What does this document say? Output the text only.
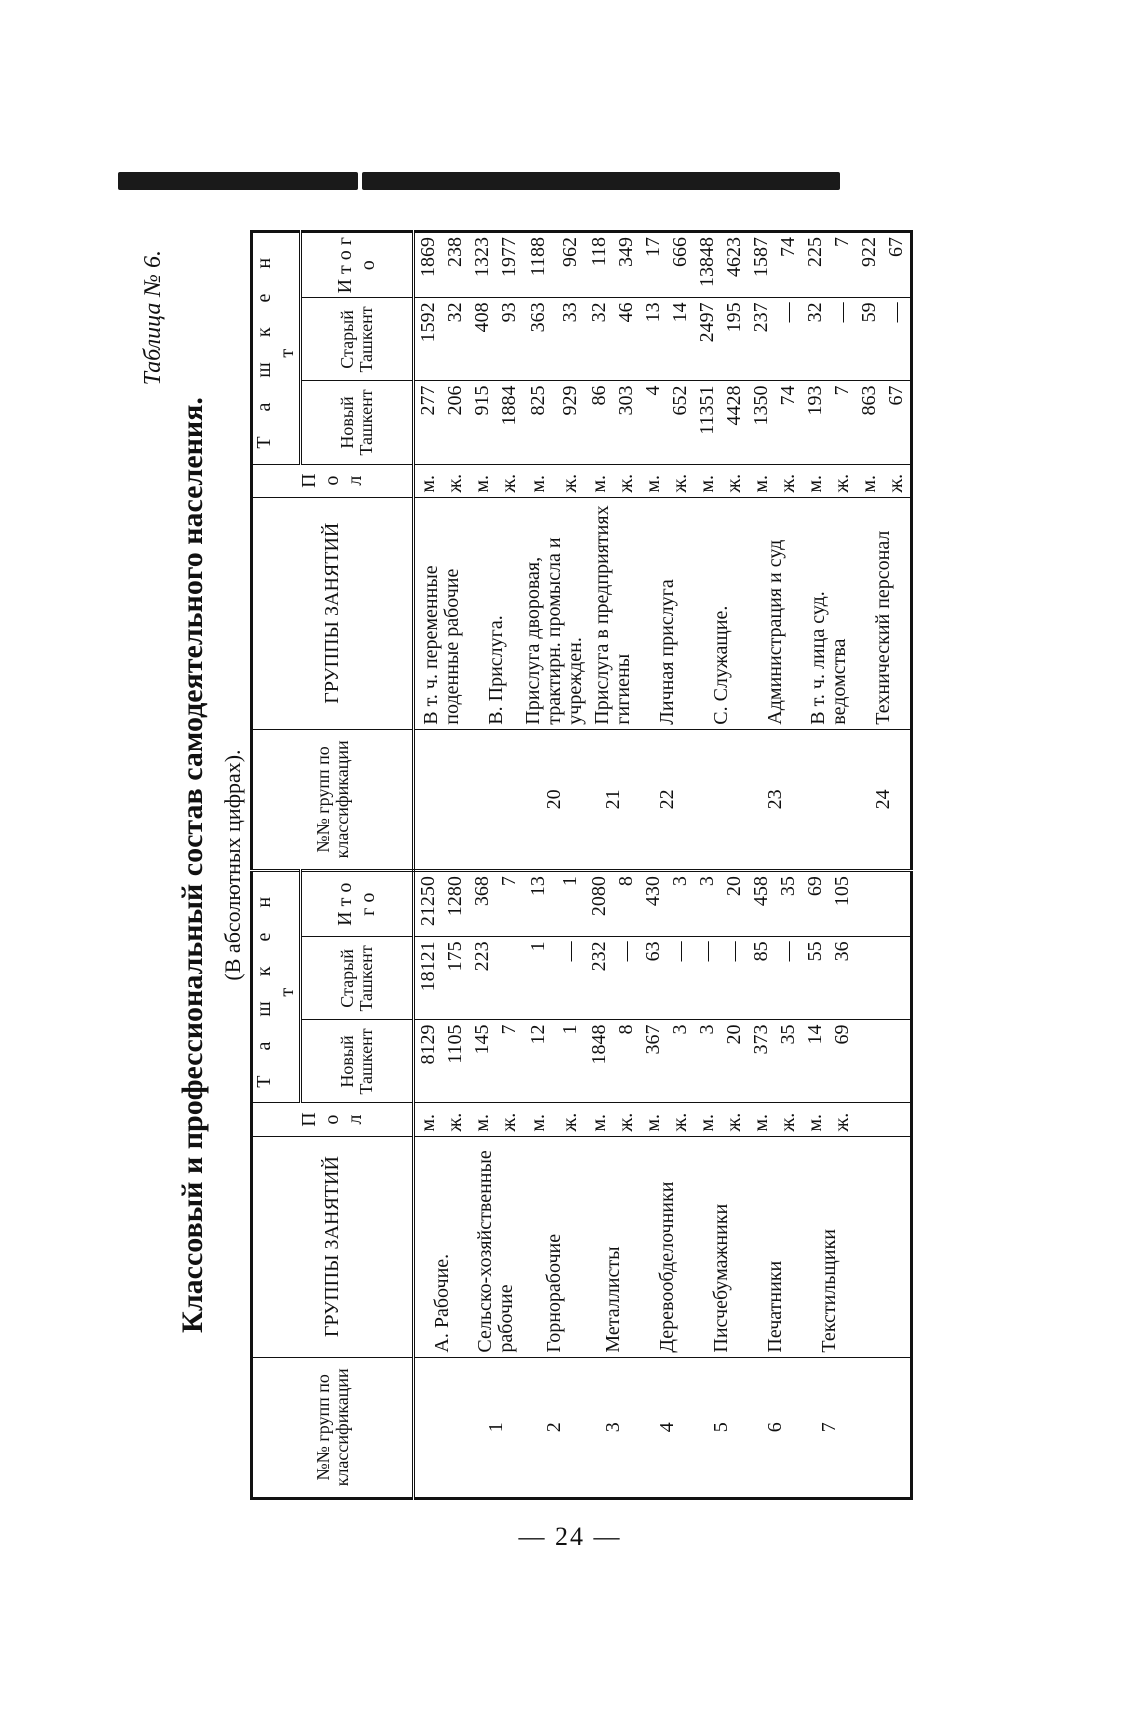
Таблица № 6.
Классовый и профессиональный состав самодеятельного населения. (В абсолютных цифрах).
№№ групп по классификации	ГРУППЫ ЗАНЯТИЙ	П о л	Т а ш к е н т			№№ групп по классификации	ГРУППЫ ЗАНЯТИЙ	П о л	Т а ш к е н т		
			Новый Ташкент	Старый Ташкент	И т о г о				Новый Ташкент	Старый Ташкент	И т о г о
	А. Рабочие.	м.	8129	18121	21250		В т. ч. переменные поденные рабочие	м.	277	1592	1869
		ж.	1105	175	1280			ж.	206	32	238
1	Сельско-хозяйственные рабочие	м.	145	223	368		В. Прислуга.	м.	915	408	1323
		ж.	7		7			ж.	1884	93	1977
2	Горнорабочие	м.	12	1	13	20	Прислуга дворовая, трактирн. промысла и учрежден.	м.	825	363	1188
		ж.	1	—	1			ж.	929	33	962
3	Металлисты	м.	1848	232	2080	21	Прислуга в предприятиях гигиены	м.	86	32	118
		ж.	8	—	8			ж.	303	46	349
4	Деревообделочники	м.	367	63	430	22	Личная прислуга	м.	4	13	17
		ж.	3	—	3			ж.	652	14	666
5	Писчебумажники	м.	3	—	3		С. Служащие.	м.	11351	2497	13848
		ж.	20	—	20			ж.	4428	195	4623
6	Печатники	м.	373	85	458	23	Администрация и суд	м.	1350	237	1587
		ж.	35	—	35			ж.	74	—	74
7	Текстильщики	м.	14	55	69		В т. ч. лица суд. ведомства	м.	193	32	225
		ж.	69	36	105			ж.	7	—	7
						24	Технический персонал	м.	863	59	922
								ж.	67	—	67
— 24 —
